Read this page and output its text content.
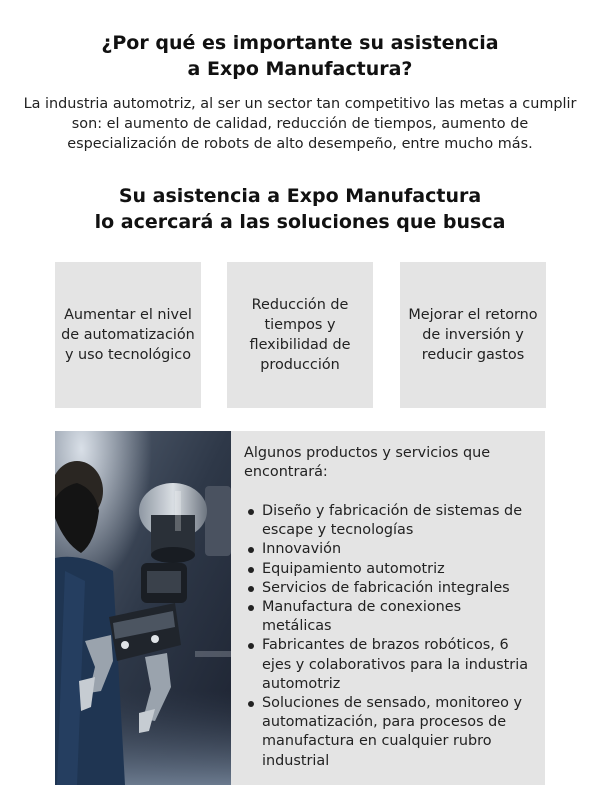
¿Por qué es importante su asistencia
a Expo Manufactura?

La industria automotriz, al ser un sector tan competitivo las metas a cumplir
son: el aumento de calidad, reducción de tiempos, aumento de
especialización de robots de alto desempeño, entre mucho más.

Su asistencia a Expo Manufactura
lo acercará a las soluciones que busca
Aumentar el nivel
de automatización
y uso tecnológico
Reducción de
tiempos y
flexibilidad de
producción
Mejorar el retorno
de inversión y
reducir gastos

Algunos productos y servicios que
encontrará:

Diseño y fabricación de sistemas de
escape y tecnologías
Innovavión
Equipamiento automotriz
Servicios de fabricación integrales
Manufactura de conexiones
metálicas
Fabricantes de brazos robóticos, 6
ejes y colaborativos para la industria
automotriz
Soluciones de sensado, monitoreo y
automatización, para procesos de
manufactura en cualquier rubro
industrial
